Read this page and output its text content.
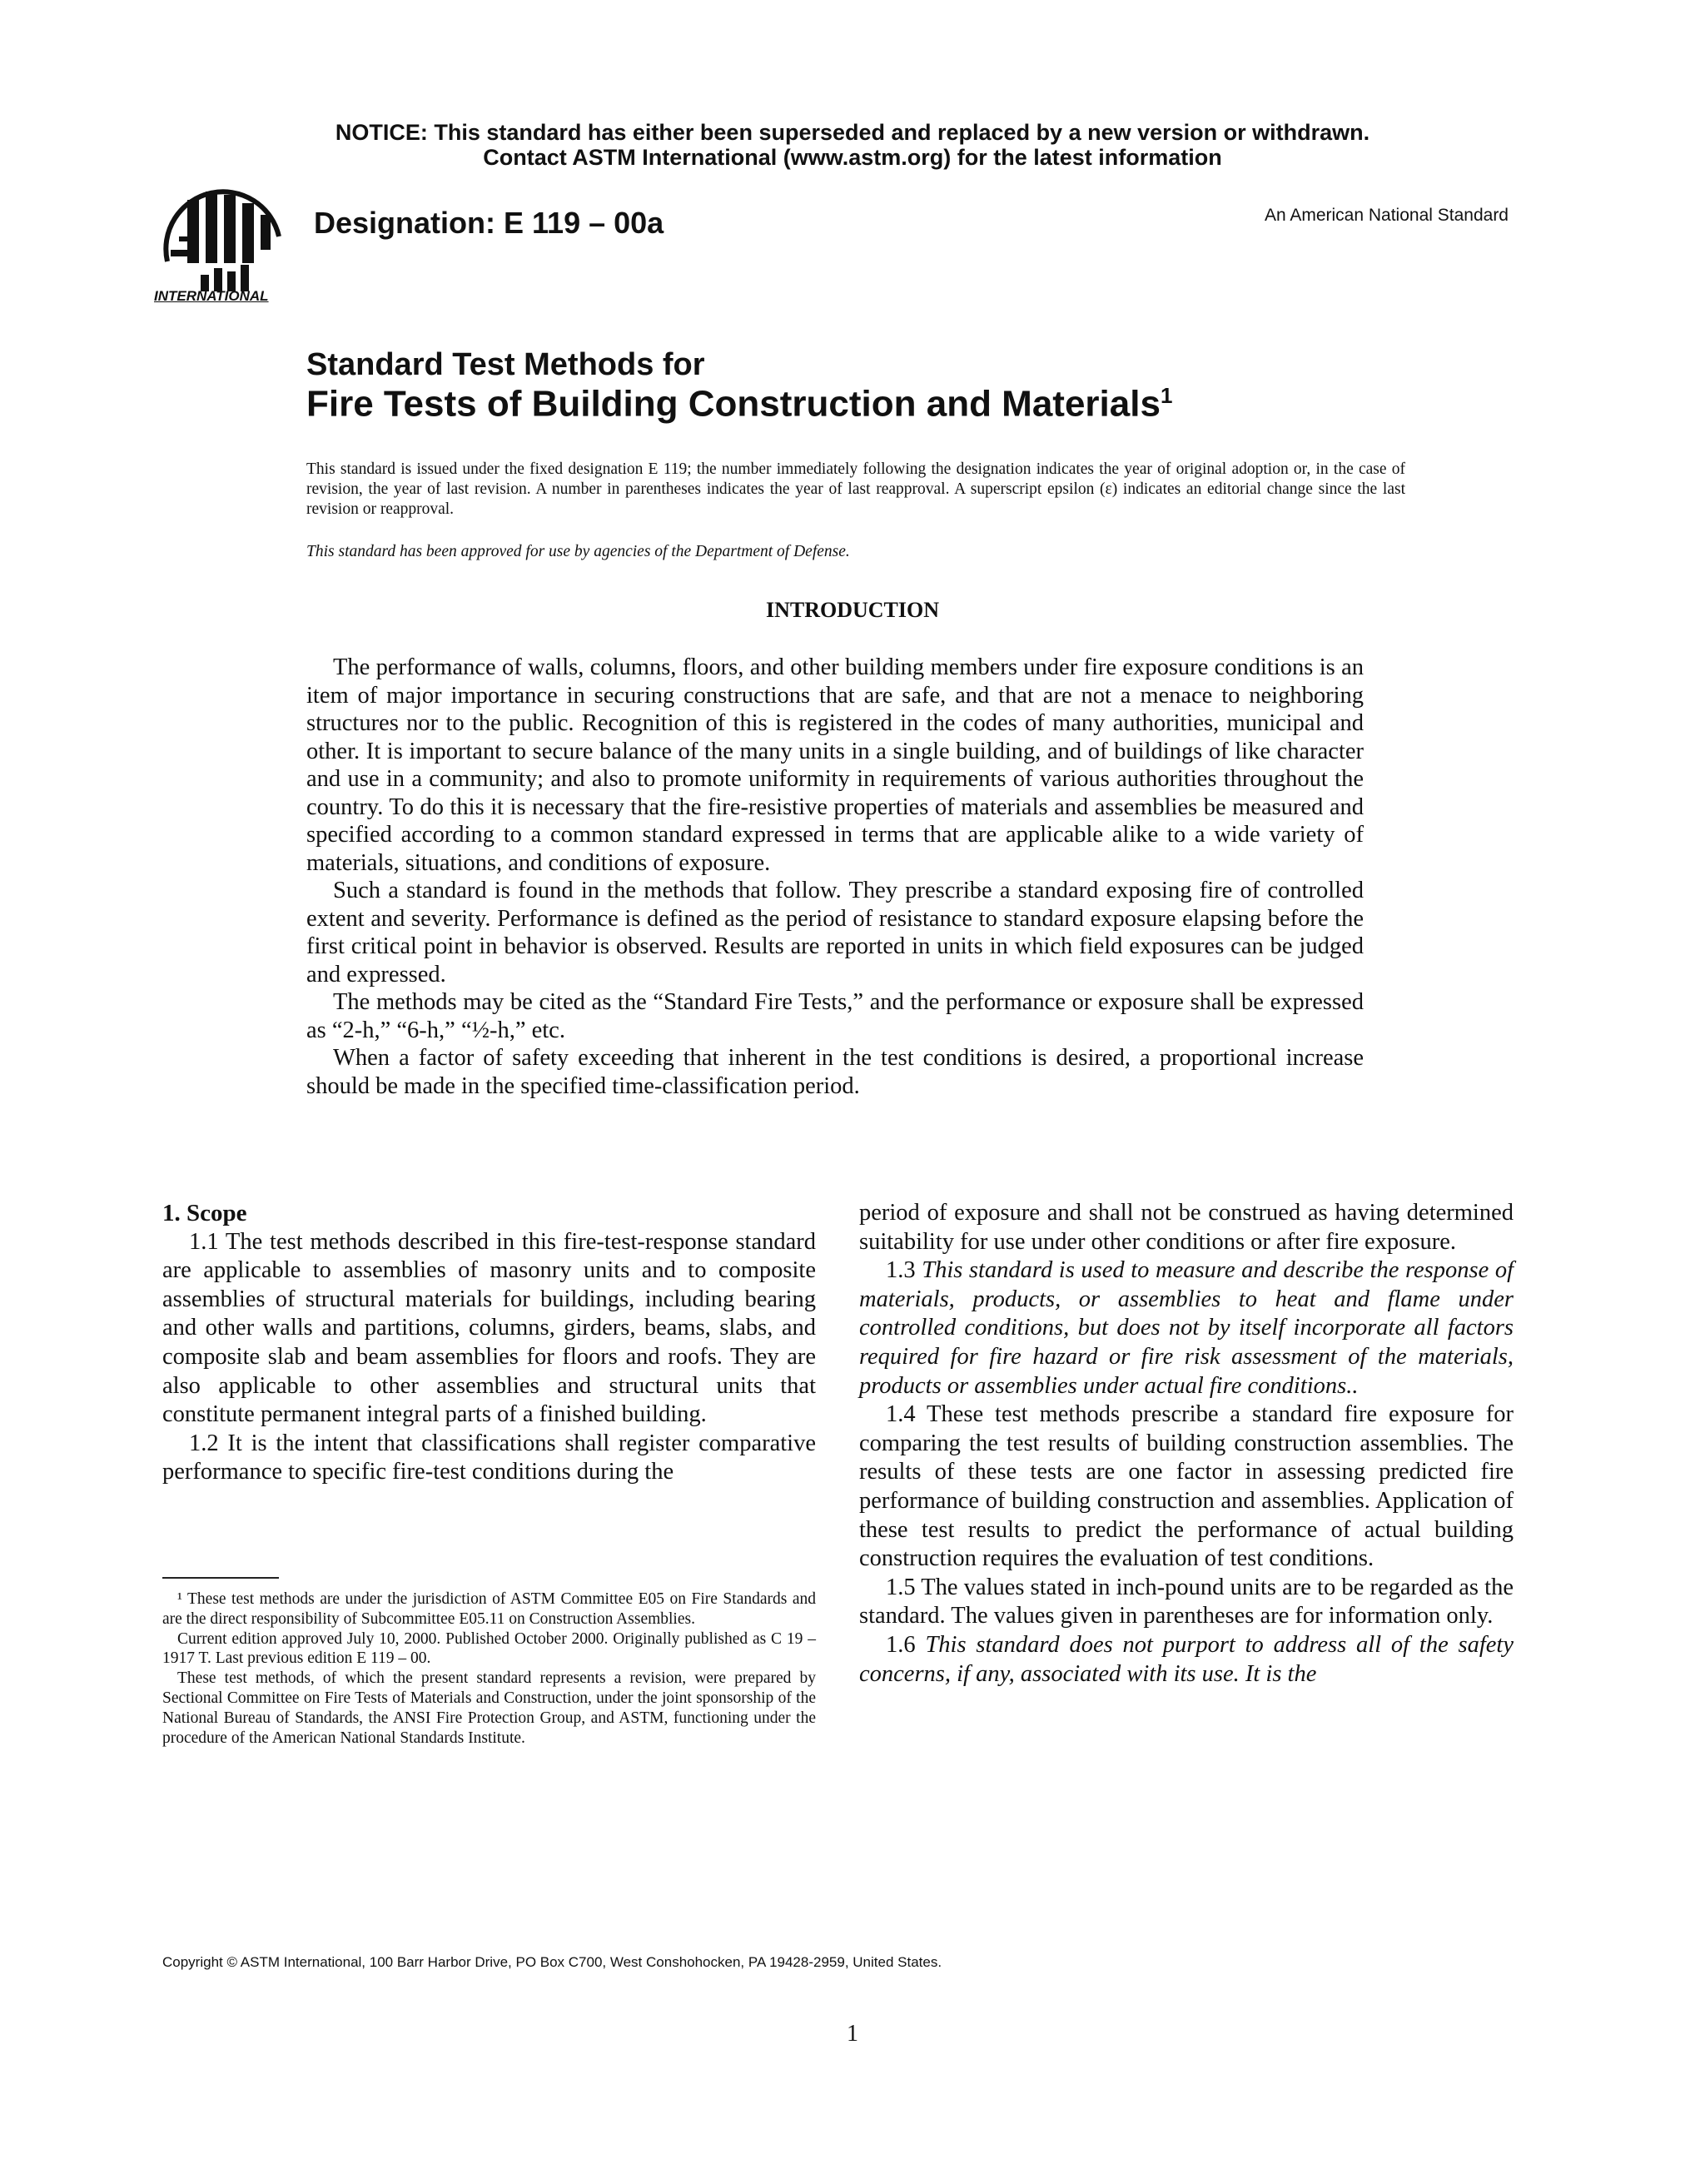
NOTICE: This standard has either been superseded and replaced by a new version or withdrawn.
Contact ASTM International (www.astm.org) for the latest information
INTERNATIONAL
Designation: E 119 – 00a	An American National Standard
Standard Test Methods for
Fire Tests of Building Construction and Materials$^1$
This standard is issued under the fixed designation E 119; the number immediately following the designation indicates the year of original adoption or, in the case of revision, the year of last revision. A number in parentheses indicates the year of last reapproval. A superscript epsilon (ε) indicates an editorial change since the last revision or reapproval.
This standard has been approved for use by agencies of the Department of Defense.
INTRODUCTION

The performance of walls, columns, floors, and other building members under fire exposure conditions is an item of major importance in securing constructions that are safe, and that are not a menace to neighboring structures nor to the public. Recognition of this is registered in the codes of many authorities, municipal and other. It is important to secure balance of the many units in a single building, and of buildings of like character and use in a community; and also to promote uniformity in requirements of various authorities throughout the country. To do this it is necessary that the fire-resistive properties of materials and assemblies be measured and specified according to a common standard expressed in terms that are applicable alike to a wide variety of materials, situations, and conditions of exposure.

Such a standard is found in the methods that follow. They prescribe a standard exposing fire of controlled extent and severity. Performance is defined as the period of resistance to standard exposure elapsing before the first critical point in behavior is observed. Results are reported in units in which field exposures can be judged and expressed.

The methods may be cited as the “Standard Fire Tests,” and the performance or exposure shall be expressed as “2-h,” “6-h,” “½-h,” etc.

When a factor of safety exceeding that inherent in the test conditions is desired, a proportional increase should be made in the specified time-classification period.

1. Scope

1.1 The test methods described in this fire-test-response standard are applicable to assemblies of masonry units and to composite assemblies of structural materials for buildings, including bearing and other walls and partitions, columns, girders, beams, slabs, and composite slab and beam assemblies for floors and roofs. They are also applicable to other assemblies and structural units that constitute permanent integral parts of a finished building.

1.2 It is the intent that classifications shall register comparative performance to specific fire-test conditions during the

period of exposure and shall not be construed as having determined suitability for use under other conditions or after fire exposure.

1.3 This standard is used to measure and describe the response of materials, products, or assemblies to heat and flame under controlled conditions, but does not by itself incorporate all factors required for fire hazard or fire risk assessment of the materials, products or assemblies under actual fire conditions..

1.4 These test methods prescribe a standard fire exposure for comparing the test results of building construction assemblies. The results of these tests are one factor in assessing predicted fire performance of building construction and assemblies. Application of these test results to predict the performance of actual building construction requires the evaluation of test conditions.

1.5 The values stated in inch-pound units are to be regarded as the standard. The values given in parentheses are for information only.

1.6 This standard does not purport to address all of the safety concerns, if any, associated with its use. It is the

¹ These test methods are under the jurisdiction of ASTM Committee E05 on Fire Standards and are the direct responsibility of Subcommittee E05.11 on Construction Assemblies.

Current edition approved July 10, 2000. Published October 2000. Originally published as C 19 – 1917 T. Last previous edition E 119 – 00.

These test methods, of which the present standard represents a revision, were prepared by Sectional Committee on Fire Tests of Materials and Construction, under the joint sponsorship of the National Bureau of Standards, the ANSI Fire Protection Group, and ASTM, functioning under the procedure of the American National Standards Institute.

Copyright © ASTM International, 100 Barr Harbor Drive, PO Box C700, West Conshohocken, PA 19428-2959, United States.
1
